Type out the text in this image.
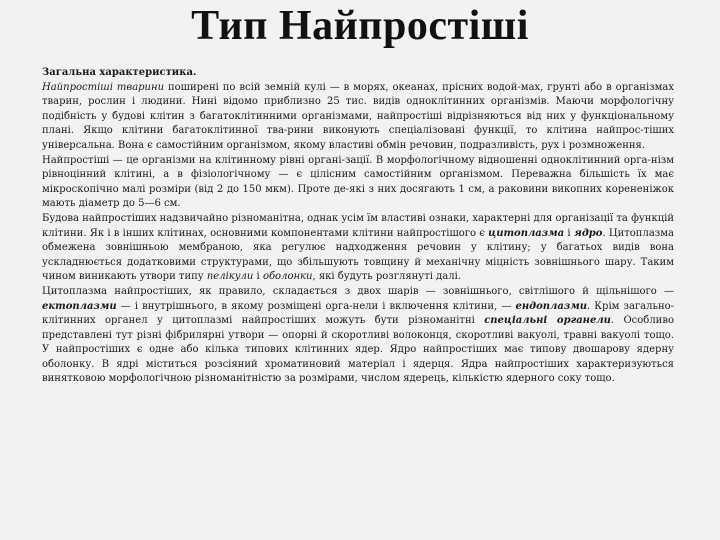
Тип Найпростіші

Загальна характеристика.

Найпростіші тварини поширені по всій земній кулі — в морях, океанах, прісних водой-мах, грунті або в організмах тварин, рослин і людини. Нині відомо приблизно 25 тис. видів одноклітинних організмів. Маючи морфологічну подібність у будові клітин з багатоклітинними організмами, найпростіші відрізняються від них у функціональному плані. Якщо клітини багатоклітинної тва-рини виконують спеціалізовані функції, то клітина найпрос-тіших універсальна. Вона є самостійним організмом, якому властиві обмін речовин, подразливість, рух і розмноження.

Найпростіші — це організми на клітинному рівні органі-зації. В морфологічному відношенні одноклітинний орга-нізм рівноцінний клітині, а в фізіологічному — є цілісним самостійним організмом. Переважна більшість їх має мікроскопічно малі розміри (від 2 до 150 мкм). Проте де-які з них досягають 1 см, а раковини викопних корененіжок мають діаметр до 5—6 см.

Будова найпростіших надзвичайно різноманітна, однак усім їм властиві ознаки, характерні для організації та функцій клітини. Як і в інших клітинах, основними компонентами клітини найпростішого є цитоплазма і ядро. Цитоплазма обмежена зовнішньою мембраною, яка регулює надходження речовин у клітину; у багатьох видів вона ускладнюється додатковими структурами, що збільшують товщину й механічну міцність зовнішнього шару. Таким чином виникають утвори типу пелікули і оболонки, які будуть розглянуті далі.

Цитоплазма найпростіших, як правило, складається з двох шарів — зовнішнього, світлішого й щільнішого — ектоплазми — і внутрішнього, в якому розміщені орга-нели і включення клітини, — ендоплазми. Крім загально-клітинних органел у цитоплазмі найпростіших можуть бути різноманітні спеціальні органели. Особливо представлені тут різні фібрилярні утвори — опорні й скоротливі волоконця, скоротливі вакуолі, травні вакуолі тощо. У найпростіших є одне або кілька типових клітинних ядер. Ядро найпростіших має типову двошарову ядерну оболонку. В ядрі міститься розсіяний хроматиновий матеріал і ядерця. Ядра найпростіших характеризуються винятковою морфологічною різноманітністю за розмірами, числом ядерець, кількістю ядерного соку тощо.
